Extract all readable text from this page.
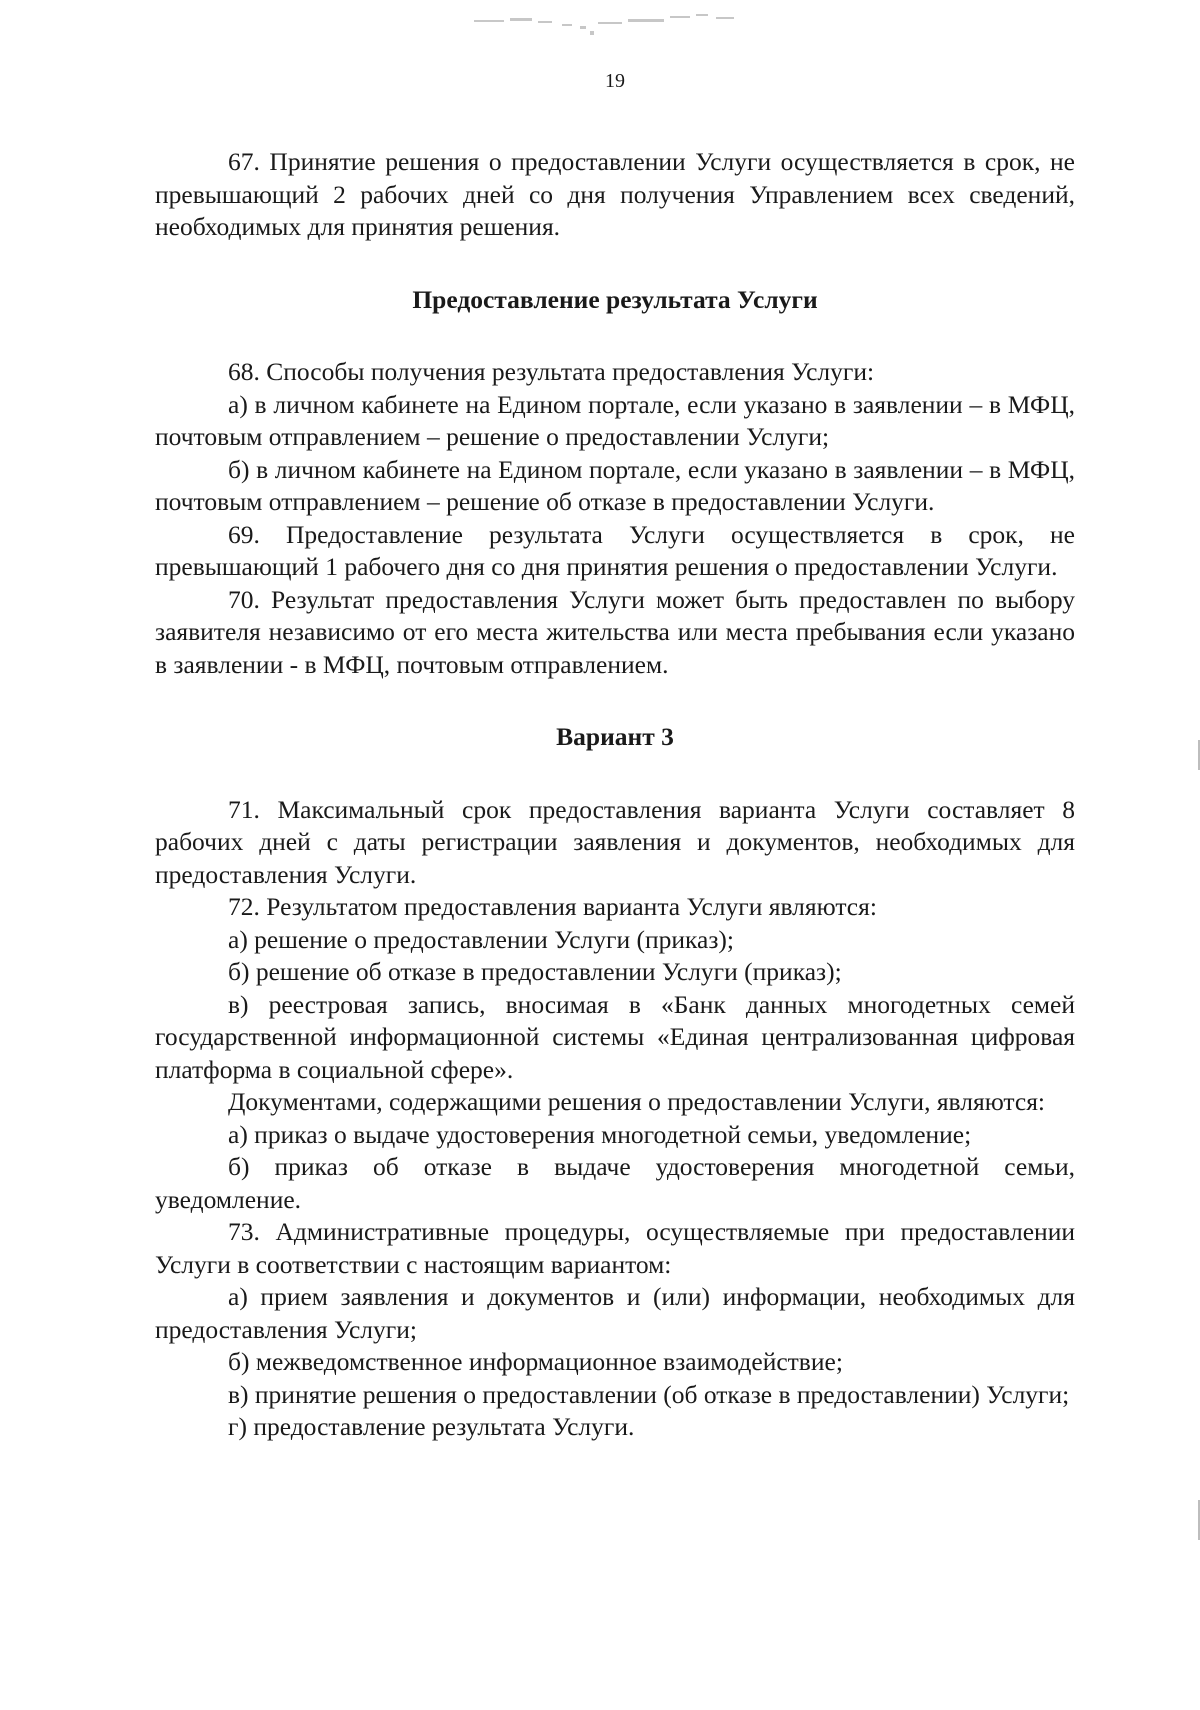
19

67. Принятие решения о предоставлении Услуги осуществляется в срок, не превышающий 2 рабочих дней со дня получения Управлением всех сведений, необходимых для принятия решения.

Предоставление результата Услуги

68. Способы получения результата предоставления Услуги:

а) в личном кабинете на Едином портале, если указано в заявлении – в МФЦ, почтовым отправлением – решение о предоставлении Услуги;

б) в личном кабинете на Едином портале, если указано в заявлении – в МФЦ, почтовым отправлением – решение об отказе в предоставлении Услуги.

69. Предоставление результата Услуги осуществляется в срок, не превышающий 1 рабочего дня со дня принятия решения о предоставлении Услуги.

70. Результат предоставления Услуги может быть предоставлен по выбору заявителя независимо от его места жительства или места пребывания если указано в заявлении - в МФЦ, почтовым отправлением.

Вариант 3

71. Максимальный срок предоставления варианта Услуги составляет 8 рабочих дней с даты регистрации заявления и документов, необходимых для предоставления Услуги.

72. Результатом предоставления варианта Услуги являются:

а) решение о предоставлении Услуги (приказ);

б) решение об отказе в предоставлении Услуги (приказ);

в) реестровая запись, вносимая в «Банк данных многодетных семей государственной информационной системы «Единая централизованная цифровая платформа в социальной сфере».

Документами, содержащими решения о предоставлении Услуги, являются:

а) приказ о выдаче удостоверения многодетной семьи, уведомление;

б) приказ об отказе в выдаче удостоверения многодетной семьи, уведомление.

73. Административные процедуры, осуществляемые при предоставлении Услуги в соответствии с настоящим вариантом:

а) прием заявления и документов и (или) информации, необходимых для предоставления Услуги;

б) межведомственное информационное взаимодействие;

в) принятие решения о предоставлении (об отказе в предоставлении) Услуги;

г) предоставление результата Услуги.
